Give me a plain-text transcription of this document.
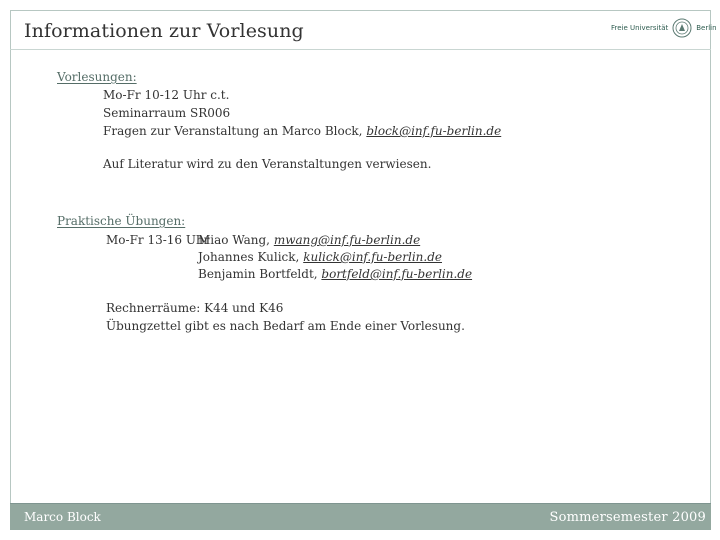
Informationen zur Vorlesung	Freie Universität	Berlin
Vorlesungen:
Mo-Fr 10-12 Uhr c.t.
Seminarraum SR006
Fragen zur Veranstaltung an Marco Block, block@inf.fu-berlin.de
Auf Literatur wird zu den Veranstaltungen verwiesen.
Praktische Übungen:
Mo-Fr 13-16 Uhr
Miao Wang, mwang@inf.fu-berlin.de
Johannes Kulick, kulick@inf.fu-berlin.de
Benjamin Bortfeldt, bortfeld@inf.fu-berlin.de
Rechnerräume: K44 und K46
Übungzettel gibt es nach Bedarf am Ende einer Vorlesung.
Marco Block	Sommersemester 2009
